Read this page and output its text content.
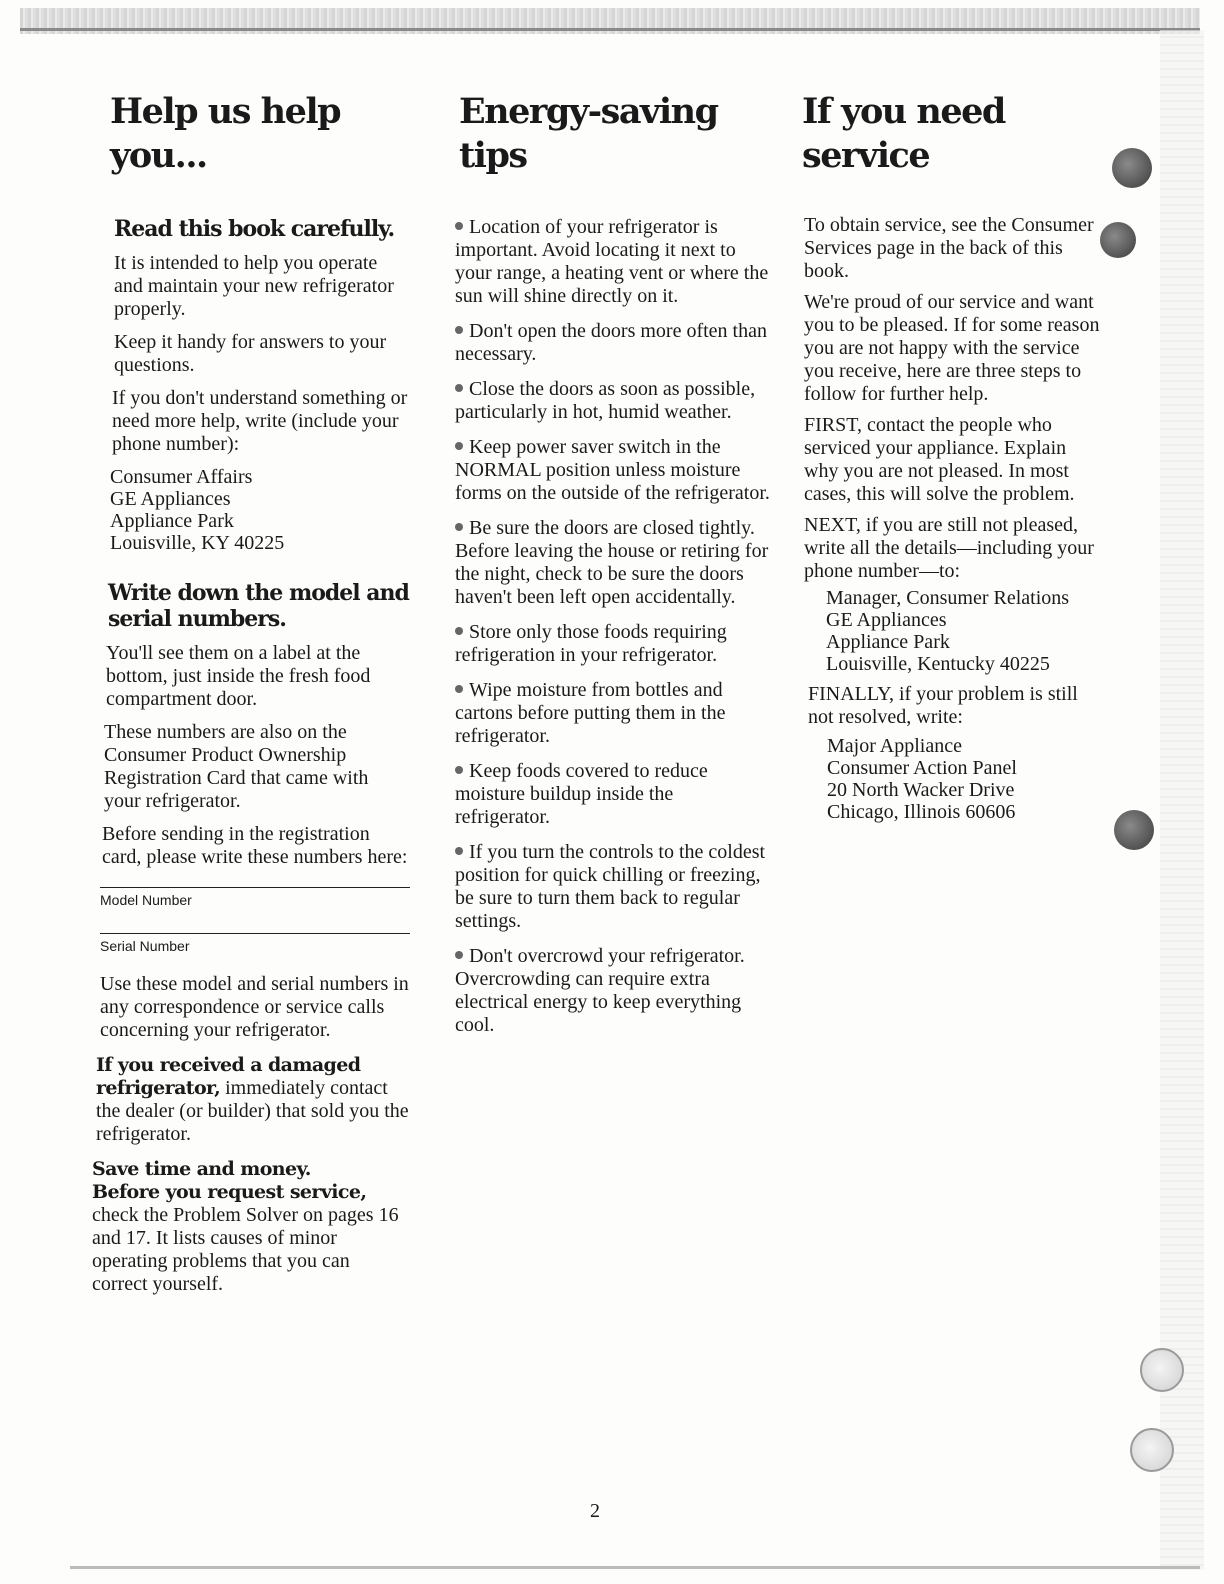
Help us help you...
Read this book carefully.

It is intended to help you operate and maintain your new refrigerator properly.

Keep it handy for answers to your questions.

If you don't understand something or need more help, write (include your phone number):

Consumer Affairs

GE Appliances

Appliance Park

Louisville, KY 40225

Write down the model and serial numbers.

You'll see them on a label at the bottom, just inside the fresh food compartment door.

These numbers are also on the Consumer Product Ownership Registration Card that came with your refrigerator.

Before sending in the registration card, please write these numbers here:

Model Number
Serial Number

Use these model and serial numbers in any correspondence or service calls concerning your refrigerator.

If you received a damaged refrigerator, immediately contact the dealer (or builder) that sold you the refrigerator.

Save time and money.
Before you request service, check the Problem Solver on pages 16 and 17. It lists causes of minor operating problems that you can correct yourself.

Energy-saving tips

Location of your refrigerator is important. Avoid locating it next to your range, a heating vent or where the sun will shine directly on it.

Don't open the doors more often than necessary.

Close the doors as soon as possible, particularly in hot, humid weather.

Keep power saver switch in the NORMAL position unless moisture forms on the outside of the refrigerator.

Be sure the doors are closed tightly. Before leaving the house or retiring for the night, check to be sure the doors haven't been left open accidentally.

Store only those foods requiring refrigeration in your refrigerator.

Wipe moisture from bottles and cartons before putting them in the refrigerator.

Keep foods covered to reduce moisture buildup inside the refrigerator.

If you turn the controls to the coldest position for quick chilling or freezing, be sure to turn them back to regular settings.

Don't overcrowd your refrigerator. Overcrowding can require extra electrical energy to keep everything cool.

If you need service

To obtain service, see the Consumer Services page in the back of this book.

We're proud of our service and want you to be pleased. If for some reason you are not happy with the service you receive, here are three steps to follow for further help.

FIRST, contact the people who serviced your appliance. Explain why you are not pleased. In most cases, this will solve the problem.

NEXT, if you are still not pleased, write all the details—including your phone number—to:

Manager, Consumer Relations

GE Appliances

Appliance Park

Louisville, Kentucky 40225

FINALLY, if your problem is still not resolved, write:

Major Appliance

Consumer Action Panel

20 North Wacker Drive

Chicago, Illinois 60606

2
